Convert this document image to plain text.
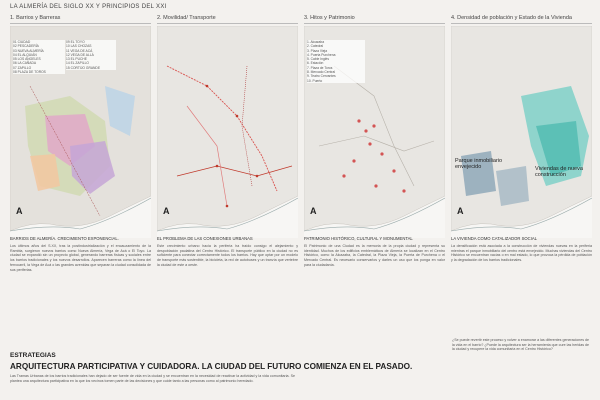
LA ALMERÍA DEL SIGLO XX Y PRINCIPIOS DEL XXI
1. Barrios y Barreras
01 CIUDAD
02 PESCADERÍA
03 NUEVA ALMERÍA
04 EL ALQUIÁN
05 LOS ÁNGELES
06 LA CAÑADA
07 ZAPILLO
08 PLAZA DE TOROS
09 EL TOYO
10 LAS CHOZAS
11 VEGA DE ACÁ
12 VEGA DE ALLÁ
13 EL PUCHE
14 EL ZAPILLO
15 CORTIJO GRANDE
A
BARRIOS DE ALMERÍA. CRECIMIENTO EXPONENCIAL.

Los últimos años del S.XX, tras la postindustrialización y el encauzamiento de la Rambla, surgieron nuevos barrios como Nueva Almería, Vega de Acá o El Toyo. La ciudad se expandió sin un proyecto global, generando barreras físicas y sociales entre los barrios tradicionales y los nuevos desarrollos. Aparecen barreras como la línea del ferrocarril, la Vega de Acá o las grandes avenidas que separan la ciudad consolidada de sus periferias.

2. Movilidad/ Transporte
A
EL PROBLEMA DE LAS CONEXIONES URBANAS

Este crecimiento urbano hacia la periferia ha traído consigo el alejamiento y despoblación paulatina del Centro Histórico. El transporte público en la ciudad no es suficiente para conectar correctamente todos los barrios. Hay que optar por un modelo de transporte más sostenible, la bicicleta, la red de autobuses y un tranvía que vertebre la ciudad de este a oeste.

3. Hitos y Patrimonio
1. Alcazaba
2. Catedral
3. Plaza Vieja
4. Puerta Purchena
5. Cable Inglés
6. Estación
7. Plaza de Toros
8. Mercado Central
9. Teatro Cervantes
10. Puerto
A
PATRIMONIO HISTÓRICO, CULTURAL Y MONUMENTAL

El Patrimonio de una Ciudad es la memoria de la propia ciudad y representa su identidad. Muchos de los edificios emblemáticos de Almería se localizan en el Centro Histórico, como la Alcazaba, la Catedral, la Plaza Vieja, la Puerta de Purchena o el Mercado Central. Es necesario conservarlos y darles un uso que los ponga en valor para la ciudadanía.

4. Densidad de población y Estado de la Vivienda
Parque inmobiliario envejecido	Viviendas de nueva construcción
A
LA VIVIENDA COMO CATALIZADOR SOCIAL

La densificación está asociada a la construcción de viviendas nuevas en la periferia mientras el parque inmobiliario del centro está envejecido. Muchas viviendas del Centro Histórico se encuentran vacías o en mal estado, lo que provoca la pérdida de población y la degradación de los barrios tradicionales.

ESTRATEGIAS
ARQUITECTURA PARTICIPATIVA Y CUIDADORA. LA CIUDAD DEL FUTURO COMIENZA EN EL PASADO.
Las Tramas Urbanas de los barrios tradicionales han dejado de ser fuente de vida en la ciudad y se encuentran en la necesidad de reactivar la actividad y la vida comunitaria. Se plantea una arquitectura participativa en la que los vecinos tomen parte de las decisiones y que cuide tanto a las personas como al patrimonio heredado.
¿Se puede revertir este proceso y volver a enamorar a las diferentes generaciones de la vida en el barrio? ¿Puede la arquitectura ser la herramienta que cure las heridas de la ciudad y recupere la vida comunitaria en el Centro Histórico?
